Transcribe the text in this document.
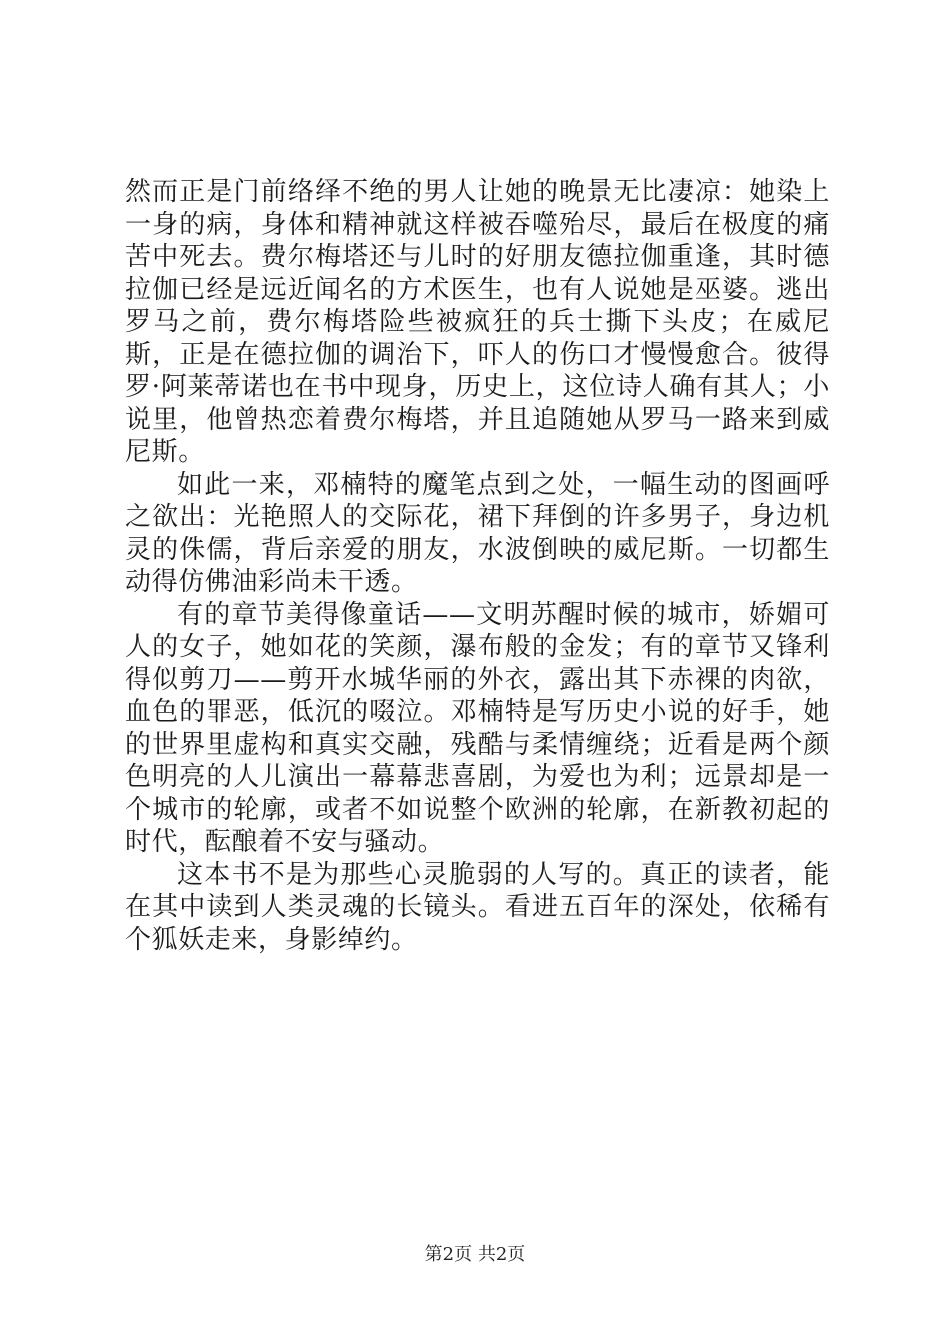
然而正是门前络绎不绝的男人让她的晚景无比凄凉：她染上一身的病，身体和精神就这样被吞噬殆尽，最后在极度的痛苦中死去。费尔梅塔还与儿时的好朋友德拉伽重逢，其时德拉伽已经是远近闻名的方术医生，也有人说她是巫婆。逃出罗马之前，费尔梅塔险些被疯狂的兵士撕下头皮；在威尼斯，正是在德拉伽的调治下，吓人的伤口才慢慢愈合。彼得罗·阿莱蒂诺也在书中现身，历史上，这位诗人确有其人；小说里，他曾热恋着费尔梅塔，并且追随她从罗马一路来到威尼斯。

如此一来，邓楠特的魔笔点到之处，一幅生动的图画呼之欲出：光艳照人的交际花，裙下拜倒的许多男子，身边机灵的侏儒，背后亲爱的朋友，水波倒映的威尼斯。一切都生动得仿佛油彩尚未干透。

有的章节美得像童话——文明苏醒时候的城市，娇媚可人的女子，她如花的笑颜，瀑布般的金发；有的章节又锋利得似剪刀——剪开水城华丽的外衣，露出其下赤裸的肉欲，血色的罪恶，低沉的啜泣。邓楠特是写历史小说的好手，她的世界里虚构和真实交融，残酷与柔情缠绕；近看是两个颜色明亮的人儿演出一幕幕悲喜剧，为爱也为利；远景却是一个城市的轮廓，或者不如说整个欧洲的轮廓，在新教初起的时代，酝酿着不安与骚动。

这本书不是为那些心灵脆弱的人写的。真正的读者，能在其中读到人类灵魂的长镜头。看进五百年的深处，依稀有个狐妖走来，身影绰约。

第2页 共2页
